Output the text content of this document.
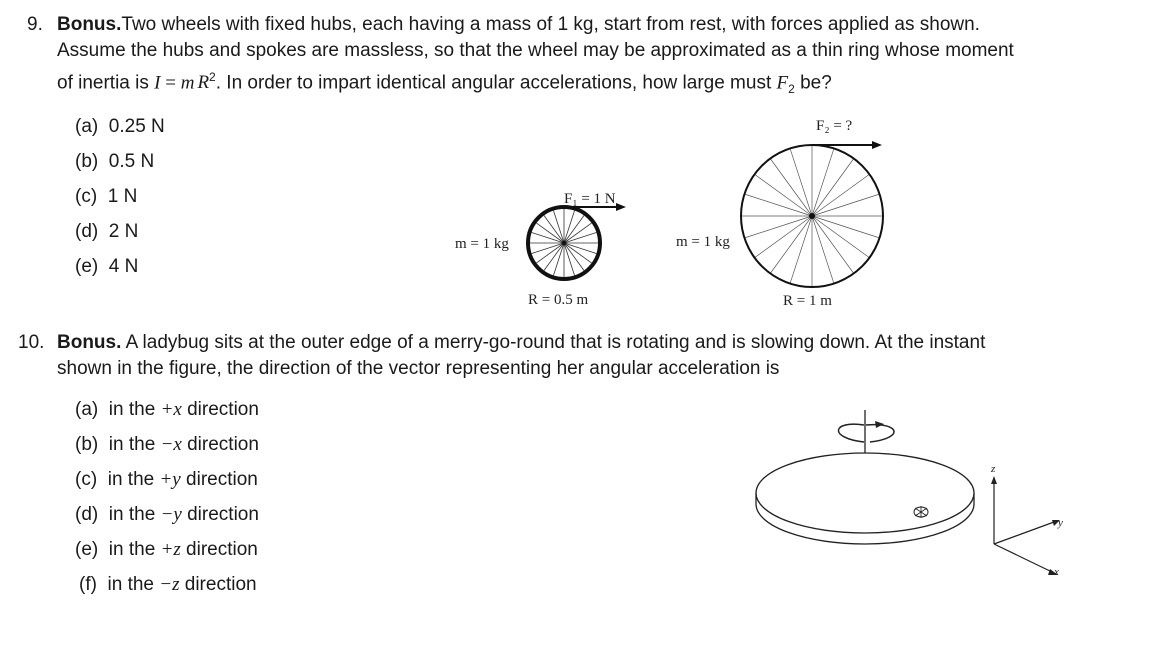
9. Bonus.Two wheels with fixed hubs, each having a mass of 1 kg, start from rest, with forces applied as shown.
Assume the hubs and spokes are massless, so that the wheel may be approximated as a thin ring whose moment
of inertia is I = m $R^2$. In order to impart identical angular accelerations, how large must $F_2$ be?
(a) 0.25 N
(b) 0.5 N
(c) 1 N
(d) 2 N
(e) 4 N
F₁ = 1 N
m = 1 kg
R = 0.5 m
F₂ = ?
m = 1 kg
R = 1 m
10. Bonus. A ladybug sits at the outer edge of a merry-go-round that is rotating and is slowing down. At the instant
shown in the figure, the direction of the vector representing her angular acceleration is
(a) in the +x direction
(b) in the −x direction
(c) in the +y direction
(d) in the −y direction
(e) in the +z direction
(f) in the −z direction
z
y
x
